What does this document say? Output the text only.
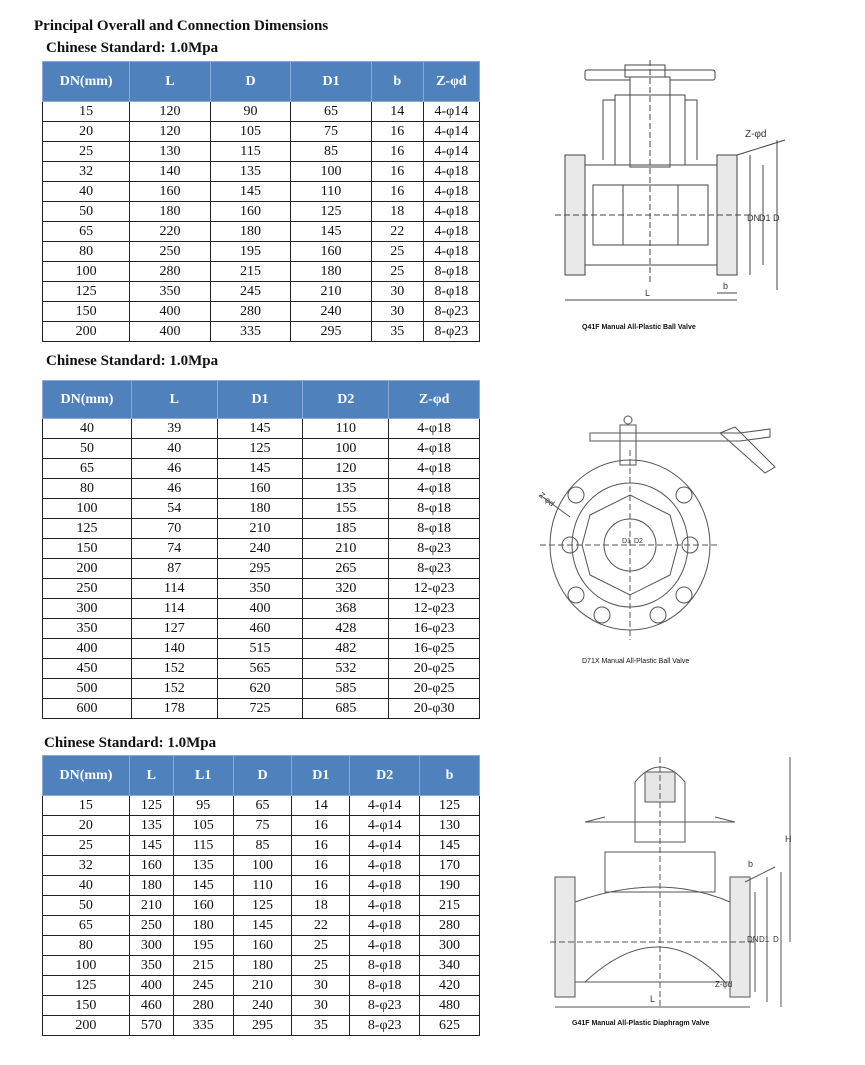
Principal Overall and Connection Dimensions
Chinese Standard: 1.0Mpa
DN(mm)	L	D	D1	b	Z-φd
15	120	90	65	14	4-φ14
20	120	105	75	16	4-φ14
25	130	115	85	16	4-φ14
32	140	135	100	16	4-φ18
40	160	145	110	16	4-φ18
50	180	160	125	18	4-φ18
65	220	180	145	22	4-φ18
80	250	195	160	25	4-φ18
100	280	215	180	25	8-φ18
125	350	245	210	30	8-φ18
150	400	280	240	30	8-φ23
200	400	335	295	35	8-φ23
Chinese Standard: 1.0Mpa
DN(mm)	L	D1	D2	Z-φd
40	39	145	110	4-φ18
50	40	125	100	4-φ18
65	46	145	120	4-φ18
80	46	160	135	4-φ18
100	54	180	155	8-φ18
125	70	210	185	8-φ18
150	74	240	210	8-φ23
200	87	295	265	8-φ23
250	114	350	320	12-φ23
300	114	400	368	12-φ23
350	127	460	428	16-φ23
400	140	515	482	16-φ25
450	152	565	532	20-φ25
500	152	620	585	20-φ25
600	178	725	685	20-φ30
Chinese Standard: 1.0Mpa
DN(mm)	L	L1	D	D1	D2	b
15	125	95	65	14	4-φ14	125
20	135	105	75	16	4-φ14	130
25	145	115	85	16	4-φ14	145
32	160	135	100	16	4-φ18	170
40	180	145	110	16	4-φ18	190
50	210	160	125	18	4-φ18	215
65	250	180	145	22	4-φ18	280
80	300	195	160	25	4-φ18	300
100	350	215	180	25	8-φ18	340
125	400	245	210	30	8-φ18	420
150	460	280	240	30	8-φ23	480
200	570	335	295	35	8-φ23	625
Z-φd
DN D1 D
L
b
Q41F Manual All-Plastic Ball Valve
Z-φd
D1 D2
D71X Manual All-Plastic Ball Valve
H
b
DN D1 D
L
Z-φd
G41F Manual All-Plastic Diaphragm Valve
